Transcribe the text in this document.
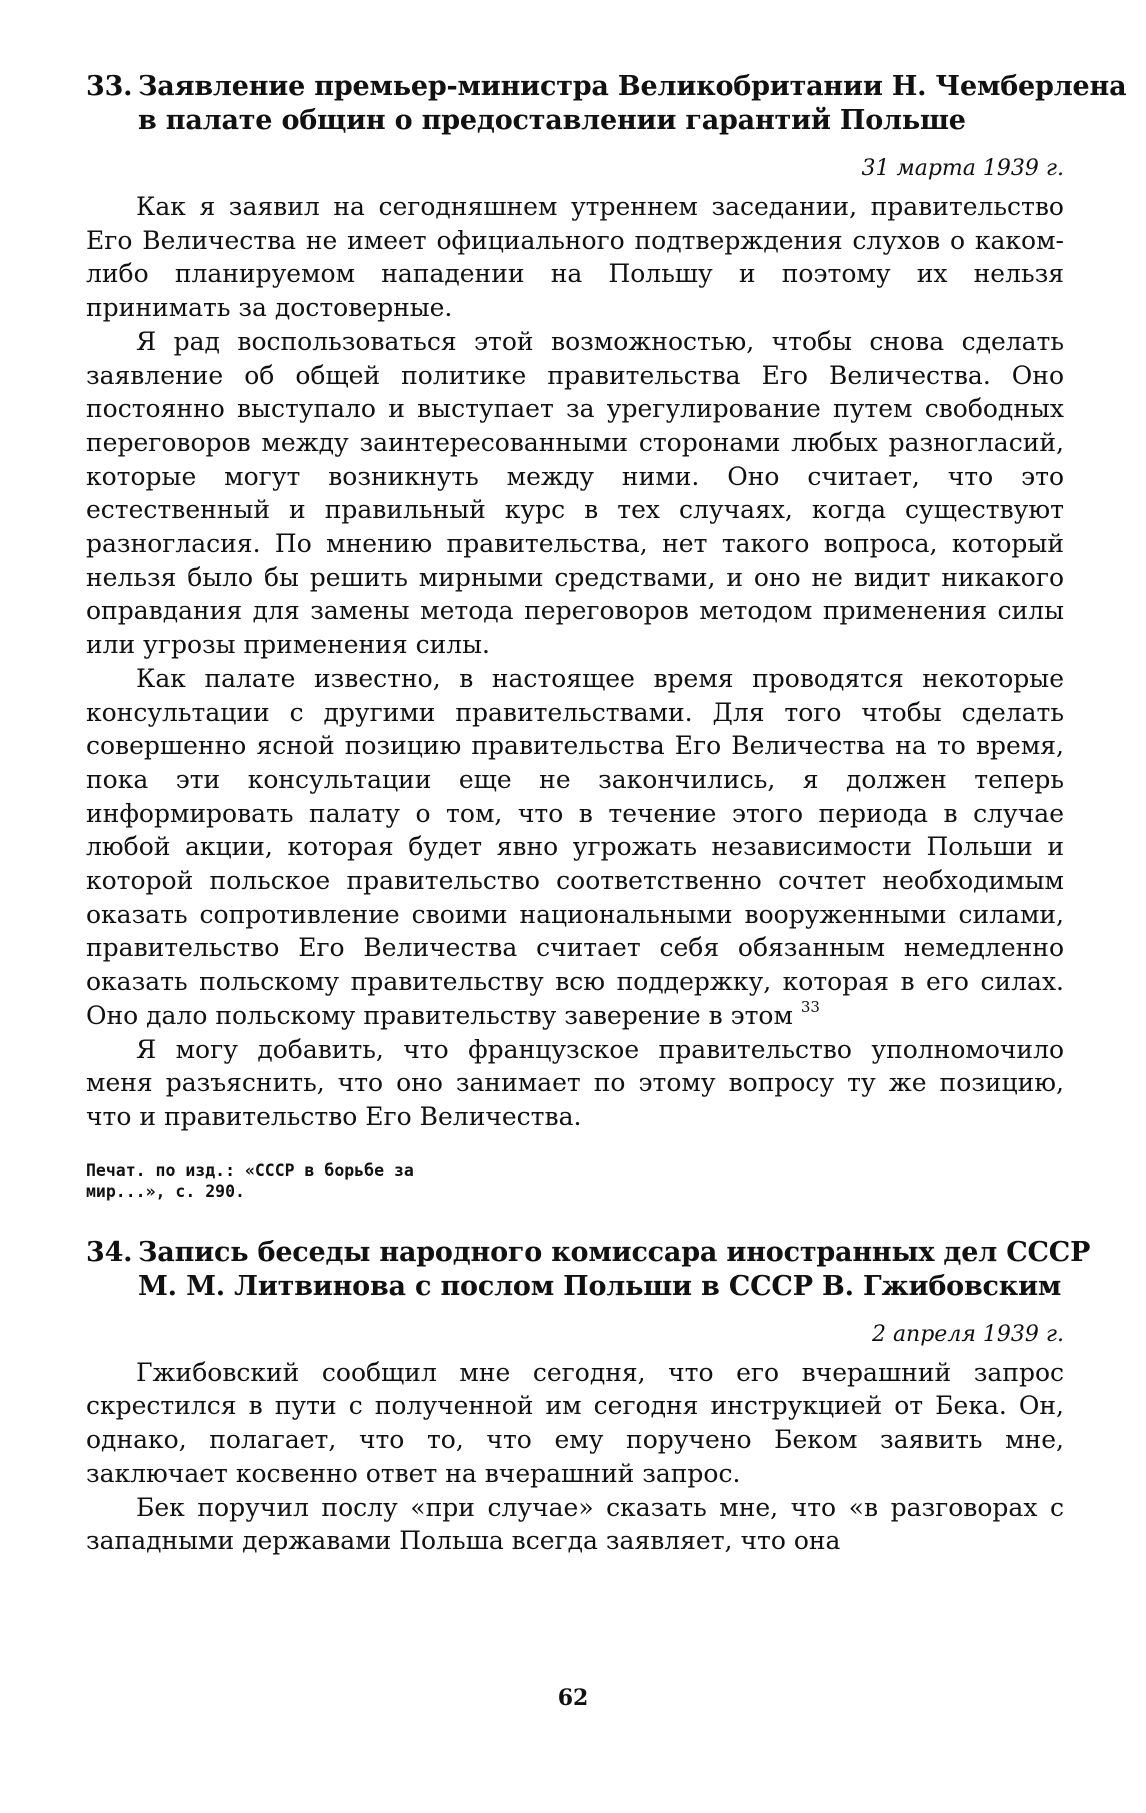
33. Заявление премьер-министра Великобритании Н. Чемберлена
в палате общин о предоставлении гарантий Польше
31 марта 1939 г.

Как я заявил на сегодняшнем утреннем заседании, правительство Его Величества не имеет официального подтверждения слухов о каком-либо планируемом нападении на Польшу и поэтому их нельзя принимать за достоверные.

Я рад воспользоваться этой возможностью, чтобы снова сделать заявление об общей политике правительства Его Величества. Оно постоянно выступало и выступает за урегулирование путем свободных переговоров между заинтересованными сторонами любых разногласий, которые могут возникнуть между ними. Оно считает, что это естественный и правильный курс в тех случаях, когда существуют разногласия. По мнению правительства, нет такого вопроса, который нельзя было бы решить мирными средствами, и оно не видит никакого оправдания для замены метода переговоров методом применения силы или угрозы применения силы.

Как палате известно, в настоящее время проводятся некоторые консультации с другими правительствами. Для того чтобы сделать совершенно ясной позицию правительства Его Величества на то время, пока эти консультации еще не закончились, я должен теперь информировать палату о том, что в течение этого периода в случае любой акции, которая будет явно угрожать независимости Польши и которой польское правительство соответственно сочтет необходимым оказать сопротивление своими национальными вооруженными силами, правительство Его Величества считает себя обязанным немедленно оказать польскому правительству всю поддержку, которая в его силах. Оно дало польскому правительству заверение в этом $^{33}$

Я могу добавить, что французское правительство уполномочило меня разъяснить, что оно занимает по этому вопросу ту же позицию, что и правительство Его Величества.

Печат. по изд.: «СССР в борьбе за
мир...», с. 290.
34. Запись беседы народного комиссара иностранных дел СССР
М. М. Литвинова с послом Польши в СССР В. Гжибовским
2 апреля 1939 г.

Гжибовский сообщил мне сегодня, что его вчерашний запрос скрестился в пути с полученной им сегодня инструкцией от Бека. Он, однако, полагает, что то, что ему поручено Беком заявить мне, заключает косвенно ответ на вчерашний запрос.

Бек поручил послу «при случае» сказать мне, что «в разговорах с западными державами Польша всегда заявляет, что она

62
